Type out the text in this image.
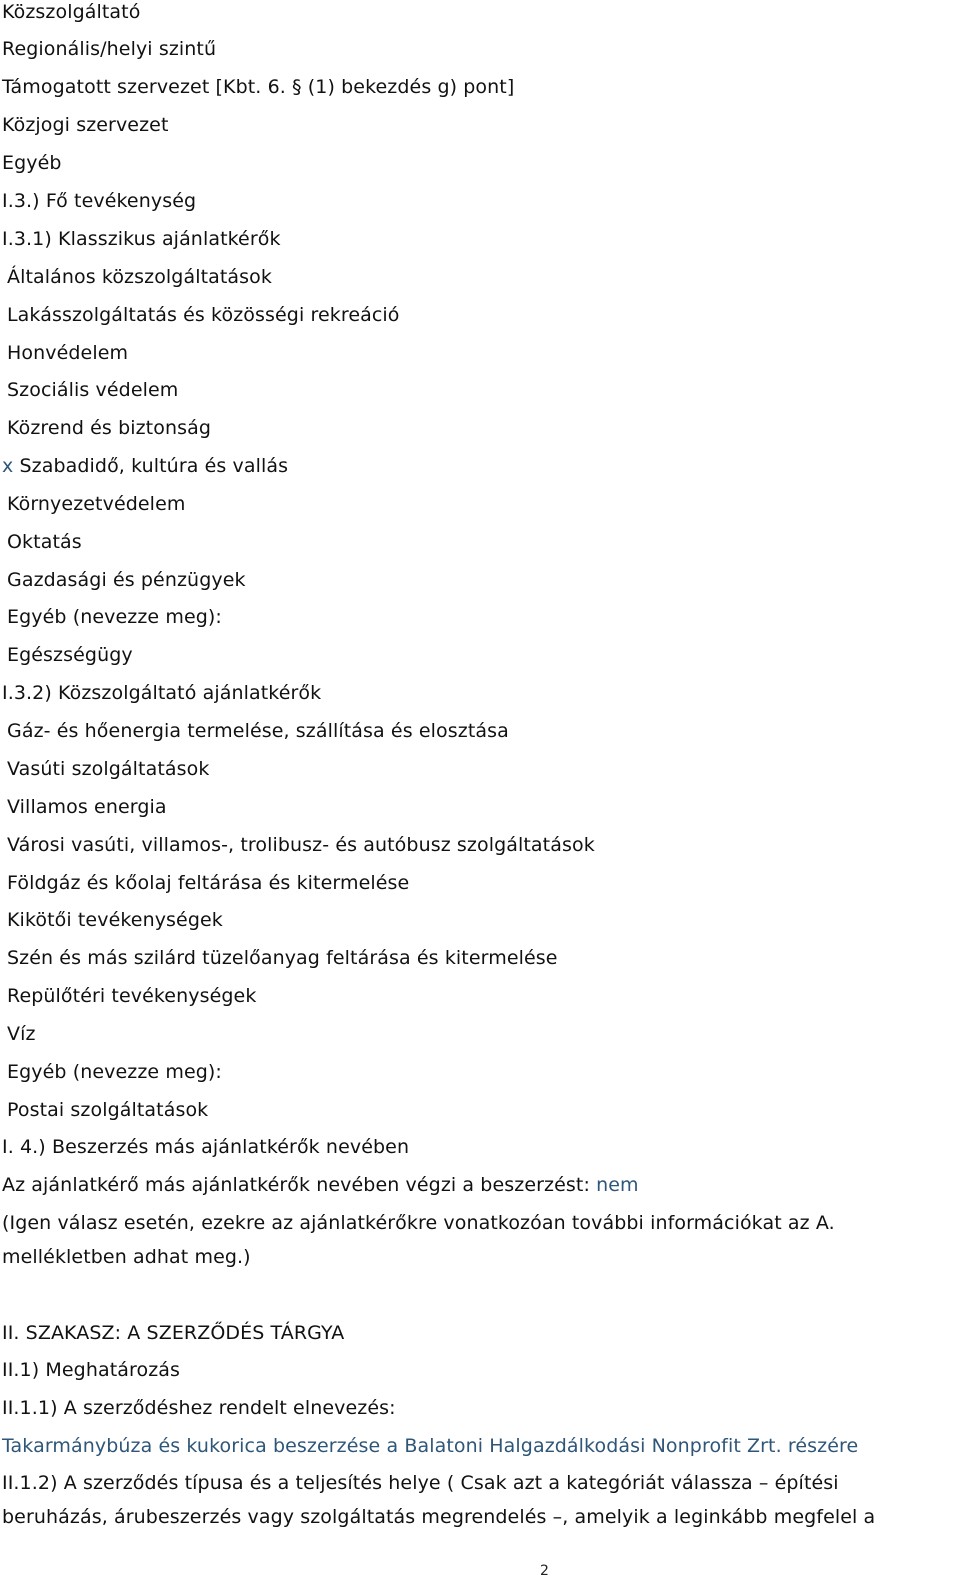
Közszolgáltató
Regionális/helyi szintű
Támogatott szervezet [Kbt. 6. § (1) bekezdés g) pont]
Közjogi szervezet
Egyéb
I.3.) Fő tevékenység
I.3.1) Klasszikus ajánlatkérők
Általános közszolgáltatások
Lakásszolgáltatás és közösségi rekreáció
Honvédelem
Szociális védelem
Közrend és biztonság
x Szabadidő, kultúra és vallás
Környezetvédelem
Oktatás
Gazdasági és pénzügyek
Egyéb (nevezze meg):
Egészségügy
I.3.2) Közszolgáltató ajánlatkérők
Gáz- és hőenergia termelése, szállítása és elosztása
Vasúti szolgáltatások
Villamos energia
Városi vasúti, villamos-, trolibusz- és autóbusz szolgáltatások
Földgáz és kőolaj feltárása és kitermelése
Kikötői tevékenységek
Szén és más szilárd tüzelőanyag feltárása és kitermelése
Repülőtéri tevékenységek
Víz
Egyéb (nevezze meg):
Postai szolgáltatások
I. 4.) Beszerzés más ajánlatkérők nevében
Az ajánlatkérő más ajánlatkérők nevében végzi a beszerzést: nem
(Igen válasz esetén, ezekre az ajánlatkérőkre vonatkozóan további információkat az A.
mellékletben adhat meg.)
II. SZAKASZ: A SZERZŐDÉS TÁRGYA
II.1) Meghatározás
II.1.1) A szerződéshez rendelt elnevezés:
Takarmánybúza és kukorica beszerzése a Balatoni Halgazdálkodási Nonprofit Zrt. részére
II.1.2) A szerződés típusa és a teljesítés helye ( Csak azt a kategóriát válassza – építési
beruházás, árubeszerzés vagy szolgáltatás megrendelés –, amelyik a leginkább megfelel a
2
